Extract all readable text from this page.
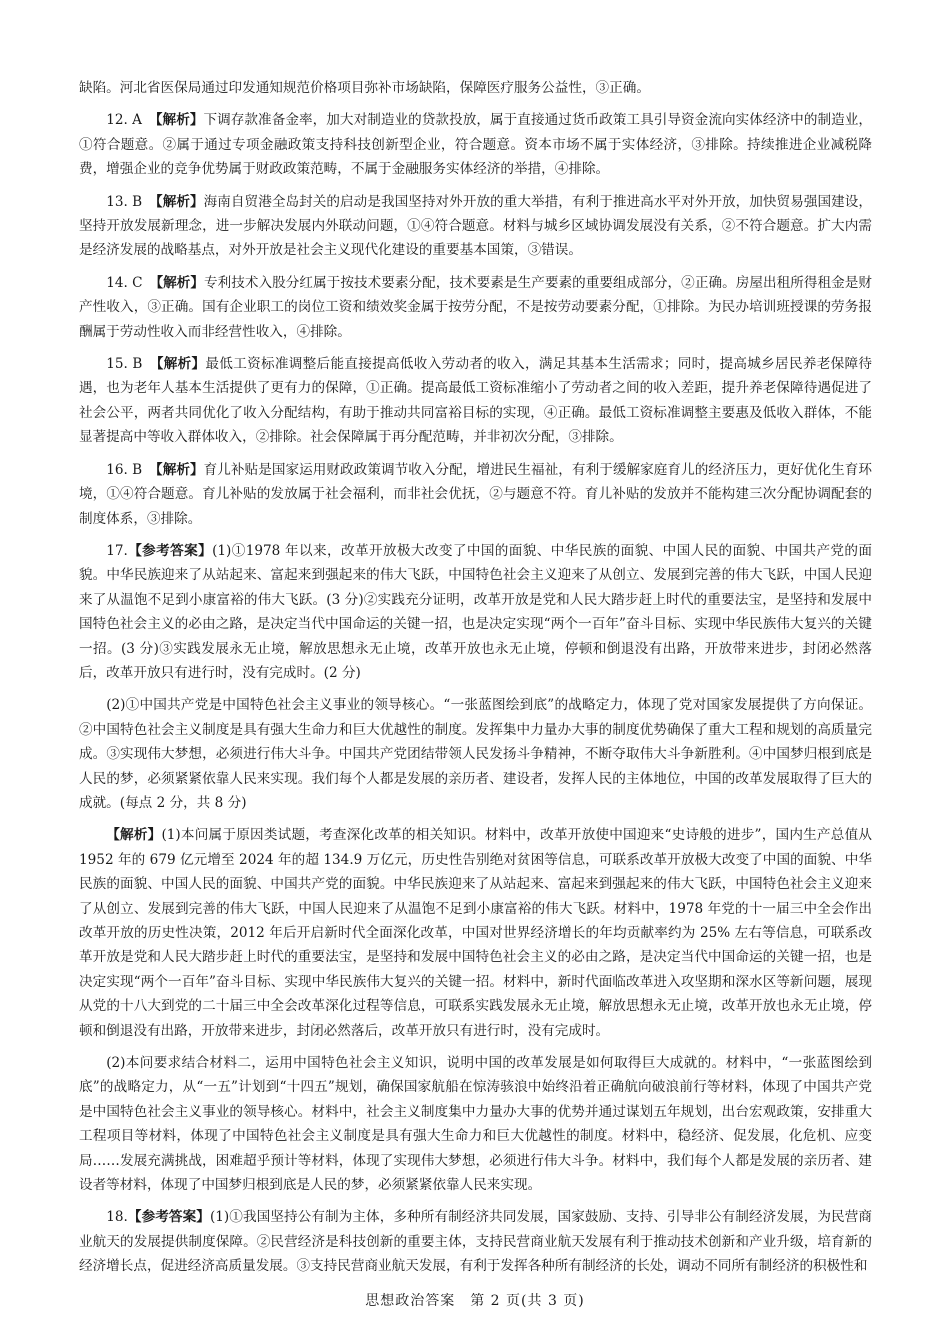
缺陷。河北省医保局通过印发通知规范价格项目弥补市场缺陷，保障医疗服务公益性，③正确。

12. A　【解析】下调存款准备金率，加大对制造业的贷款投放，属于直接通过货币政策工具引导资金流向实体经济中的制造业，①符合题意。②属于通过专项金融政策支持科技创新型企业，符合题意。资本市场不属于实体经济，③排除。持续推进企业减税降费，增强企业的竞争优势属于财政政策范畴，不属于金融服务实体经济的举措，④排除。

13. B　【解析】海南自贸港全岛封关的启动是我国坚持对外开放的重大举措，有利于推进高水平对外开放，加快贸易强国建设，坚持开放发展新理念，进一步解决发展内外联动问题，①④符合题意。材料与城乡区域协调发展没有关系，②不符合题意。扩大内需是经济发展的战略基点，对外开放是社会主义现代化建设的重要基本国策，③错误。

14. C　【解析】专利技术入股分红属于按技术要素分配，技术要素是生产要素的重要组成部分，②正确。房屋出租所得租金是财产性收入，③正确。国有企业职工的岗位工资和绩效奖金属于按劳分配，不是按劳动要素分配，①排除。为民办培训班授课的劳务报酬属于劳动性收入而非经营性收入，④排除。

15. B　【解析】最低工资标准调整后能直接提高低收入劳动者的收入，满足其基本生活需求；同时，提高城乡居民养老保障待遇，也为老年人基本生活提供了更有力的保障，①正确。提高最低工资标准缩小了劳动者之间的收入差距，提升养老保障待遇促进了社会公平，两者共同优化了收入分配结构，有助于推动共同富裕目标的实现，④正确。最低工资标准调整主要惠及低收入群体，不能显著提高中等收入群体收入，②排除。社会保障属于再分配范畴，并非初次分配，③排除。

16. B　【解析】育儿补贴是国家运用财政政策调节收入分配，增进民生福祉，有利于缓解家庭育儿的经济压力，更好优化生育环境，①④符合题意。育儿补贴的发放属于社会福利，而非社会优抚，②与题意不符。育儿补贴的发放并不能构建三次分配协调配套的制度体系，③排除。

17.【参考答案】(1)①1978 年以来，改革开放极大改变了中国的面貌、中华民族的面貌、中国人民的面貌、中国共产党的面貌。中华民族迎来了从站起来、富起来到强起来的伟大飞跃，中国特色社会主义迎来了从创立、发展到完善的伟大飞跃，中国人民迎来了从温饱不足到小康富裕的伟大飞跃。(3 分)②实践充分证明，改革开放是党和人民大踏步赶上时代的重要法宝，是坚持和发展中国特色社会主义的必由之路，是决定当代中国命运的关键一招，也是决定实现“两个一百年”奋斗目标、实现中华民族伟大复兴的关键一招。(3 分)③实践发展永无止境，解放思想永无止境，改革开放也永无止境，停顿和倒退没有出路，开放带来进步，封闭必然落后，改革开放只有进行时，没有完成时。(2 分)

(2)①中国共产党是中国特色社会主义事业的领导核心。“一张蓝图绘到底”的战略定力，体现了党对国家发展提供了方向保证。②中国特色社会主义制度是具有强大生命力和巨大优越性的制度。发挥集中力量办大事的制度优势确保了重大工程和规划的高质量完成。③实现伟大梦想，必须进行伟大斗争。中国共产党团结带领人民发扬斗争精神，不断夺取伟大斗争新胜利。④中国梦归根到底是人民的梦，必须紧紧依靠人民来实现。我们每个人都是发展的亲历者、建设者，发挥人民的主体地位，中国的改革发展取得了巨大的成就。(每点 2 分，共 8 分)

【解析】(1)本问属于原因类试题，考查深化改革的相关知识。材料中，改革开放使中国迎来“史诗般的进步”，国内生产总值从 1952 年的 679 亿元增至 2024 年的超 134.9 万亿元，历史性告别绝对贫困等信息，可联系改革开放极大改变了中国的面貌、中华民族的面貌、中国人民的面貌、中国共产党的面貌。中华民族迎来了从站起来、富起来到强起来的伟大飞跃，中国特色社会主义迎来了从创立、发展到完善的伟大飞跃，中国人民迎来了从温饱不足到小康富裕的伟大飞跃。材料中，1978 年党的十一届三中全会作出改革开放的历史性决策，2012 年后开启新时代全面深化改革，中国对世界经济增长的年均贡献率约为 25% 左右等信息，可联系改革开放是党和人民大踏步赶上时代的重要法宝，是坚持和发展中国特色社会主义的必由之路，是决定当代中国命运的关键一招，也是决定实现“两个一百年”奋斗目标、实现中华民族伟大复兴的关键一招。材料中，新时代面临改革进入攻坚期和深水区等新问题，展现从党的十八大到党的二十届三中全会改革深化过程等信息，可联系实践发展永无止境，解放思想永无止境，改革开放也永无止境，停顿和倒退没有出路，开放带来进步，封闭必然落后，改革开放只有进行时，没有完成时。

(2)本问要求结合材料二，运用中国特色社会主义知识，说明中国的改革发展是如何取得巨大成就的。材料中，“一张蓝图绘到底”的战略定力，从“一五”计划到“十四五”规划，确保国家航船在惊涛骇浪中始终沿着正确航向破浪前行等材料，体现了中国共产党是中国特色社会主义事业的领导核心。材料中，社会主义制度集中力量办大事的优势并通过谋划五年规划，出台宏观政策，安排重大工程项目等材料，体现了中国特色社会主义制度是具有强大生命力和巨大优越性的制度。材料中，稳经济、促发展，化危机、应变局……发展充满挑战，困难超乎预计等材料，体现了实现伟大梦想，必须进行伟大斗争。材料中，我们每个人都是发展的亲历者、建设者等材料，体现了中国梦归根到底是人民的梦，必须紧紧依靠人民来实现。

18.【参考答案】(1)①我国坚持公有制为主体，多种所有制经济共同发展，国家鼓励、支持、引导非公有制经济发展，为民营商业航天的发展提供制度保障。②民营经济是科技创新的重要主体，支持民营商业航天发展有利于推动技术创新和产业升级，培育新的经济增长点，促进经济高质量发展。③支持民营商业航天发展，有利于发挥各种所有制经济的长处，调动不同所有制经济的积极性和

思想政治答案　第 2 页(共 3 页)
